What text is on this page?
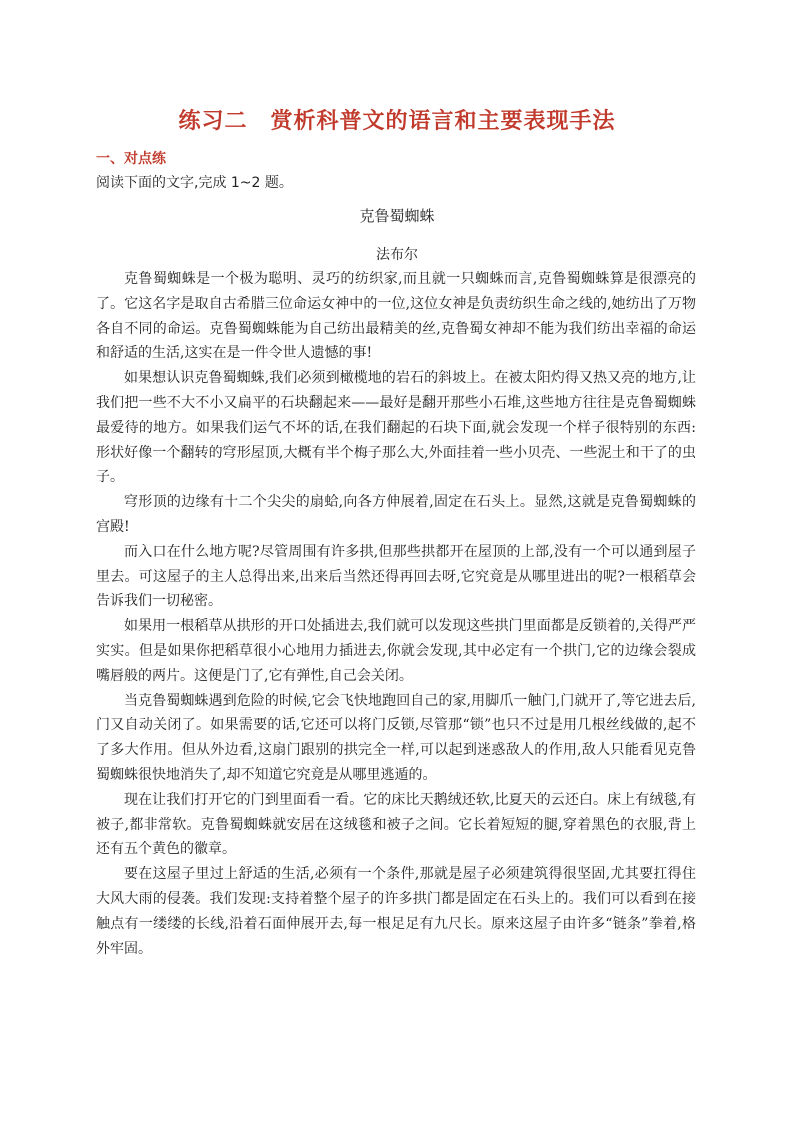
练习二　赏析科普文的语言和主要表现手法
一、对点练
阅读下面的文字,完成 1~2 题。
克鲁蜀蜘蛛
法布尔

克鲁蜀蜘蛛是一个极为聪明、灵巧的纺织家,而且就一只蜘蛛而言,克鲁蜀蜘蛛算是很漂亮的了。它这名字是取自古希腊三位命运女神中的一位,这位女神是负责纺织生命之线的,她纺出了万物各自不同的命运。克鲁蜀蜘蛛能为自己纺出最精美的丝,克鲁蜀女神却不能为我们纺出幸福的命运和舒适的生活,这实在是一件令世人遗憾的事!

如果想认识克鲁蜀蜘蛛,我们必须到橄榄地的岩石的斜坡上。在被太阳灼得又热又亮的地方,让我们把一些不大不小又扁平的石块翻起来——最好是翻开那些小石堆,这些地方往往是克鲁蜀蜘蛛最爱待的地方。如果我们运气不坏的话,在我们翻起的石块下面,就会发现一个样子很特别的东西:形状好像一个翻转的穹形屋顶,大概有半个梅子那么大,外面挂着一些小贝壳、一些泥土和干了的虫子。

穹形顶的边缘有十二个尖尖的扇蛤,向各方伸展着,固定在石头上。显然,这就是克鲁蜀蜘蛛的宫殿!

而入口在什么地方呢?尽管周围有许多拱,但那些拱都开在屋顶的上部,没有一个可以通到屋子里去。可这屋子的主人总得出来,出来后当然还得再回去呀,它究竟是从哪里进出的呢?一根稻草会告诉我们一切秘密。

如果用一根稻草从拱形的开口处插进去,我们就可以发现这些拱门里面都是反锁着的,关得严严实实。但是如果你把稻草很小心地用力插进去,你就会发现,其中必定有一个拱门,它的边缘会裂成嘴唇般的两片。这便是门了,它有弹性,自己会关闭。

当克鲁蜀蜘蛛遇到危险的时候,它会飞快地跑回自己的家,用脚爪一触门,门就开了,等它进去后,门又自动关闭了。如果需要的话,它还可以将门反锁,尽管那“锁”也只不过是用几根丝线做的,起不了多大作用。但从外边看,这扇门跟别的拱完全一样,可以起到迷惑敌人的作用,敌人只能看见克鲁蜀蜘蛛很快地消失了,却不知道它究竟是从哪里逃遁的。

现在让我们打开它的门到里面看一看。它的床比天鹅绒还软,比夏天的云还白。床上有绒毯,有被子,都非常软。克鲁蜀蜘蛛就安居在这绒毯和被子之间。它长着短短的腿,穿着黑色的衣服,背上还有五个黄色的徽章。

要在这屋子里过上舒适的生活,必须有一个条件,那就是屋子必须建筑得很坚固,尤其要扛得住大风大雨的侵袭。我们发现:支持着整个屋子的许多拱门都是固定在石头上的。我们可以看到在接触点有一缕缕的长线,沿着石面伸展开去,每一根足足有九尺长。原来这屋子由许多“链条”拳着,格外牢固。
